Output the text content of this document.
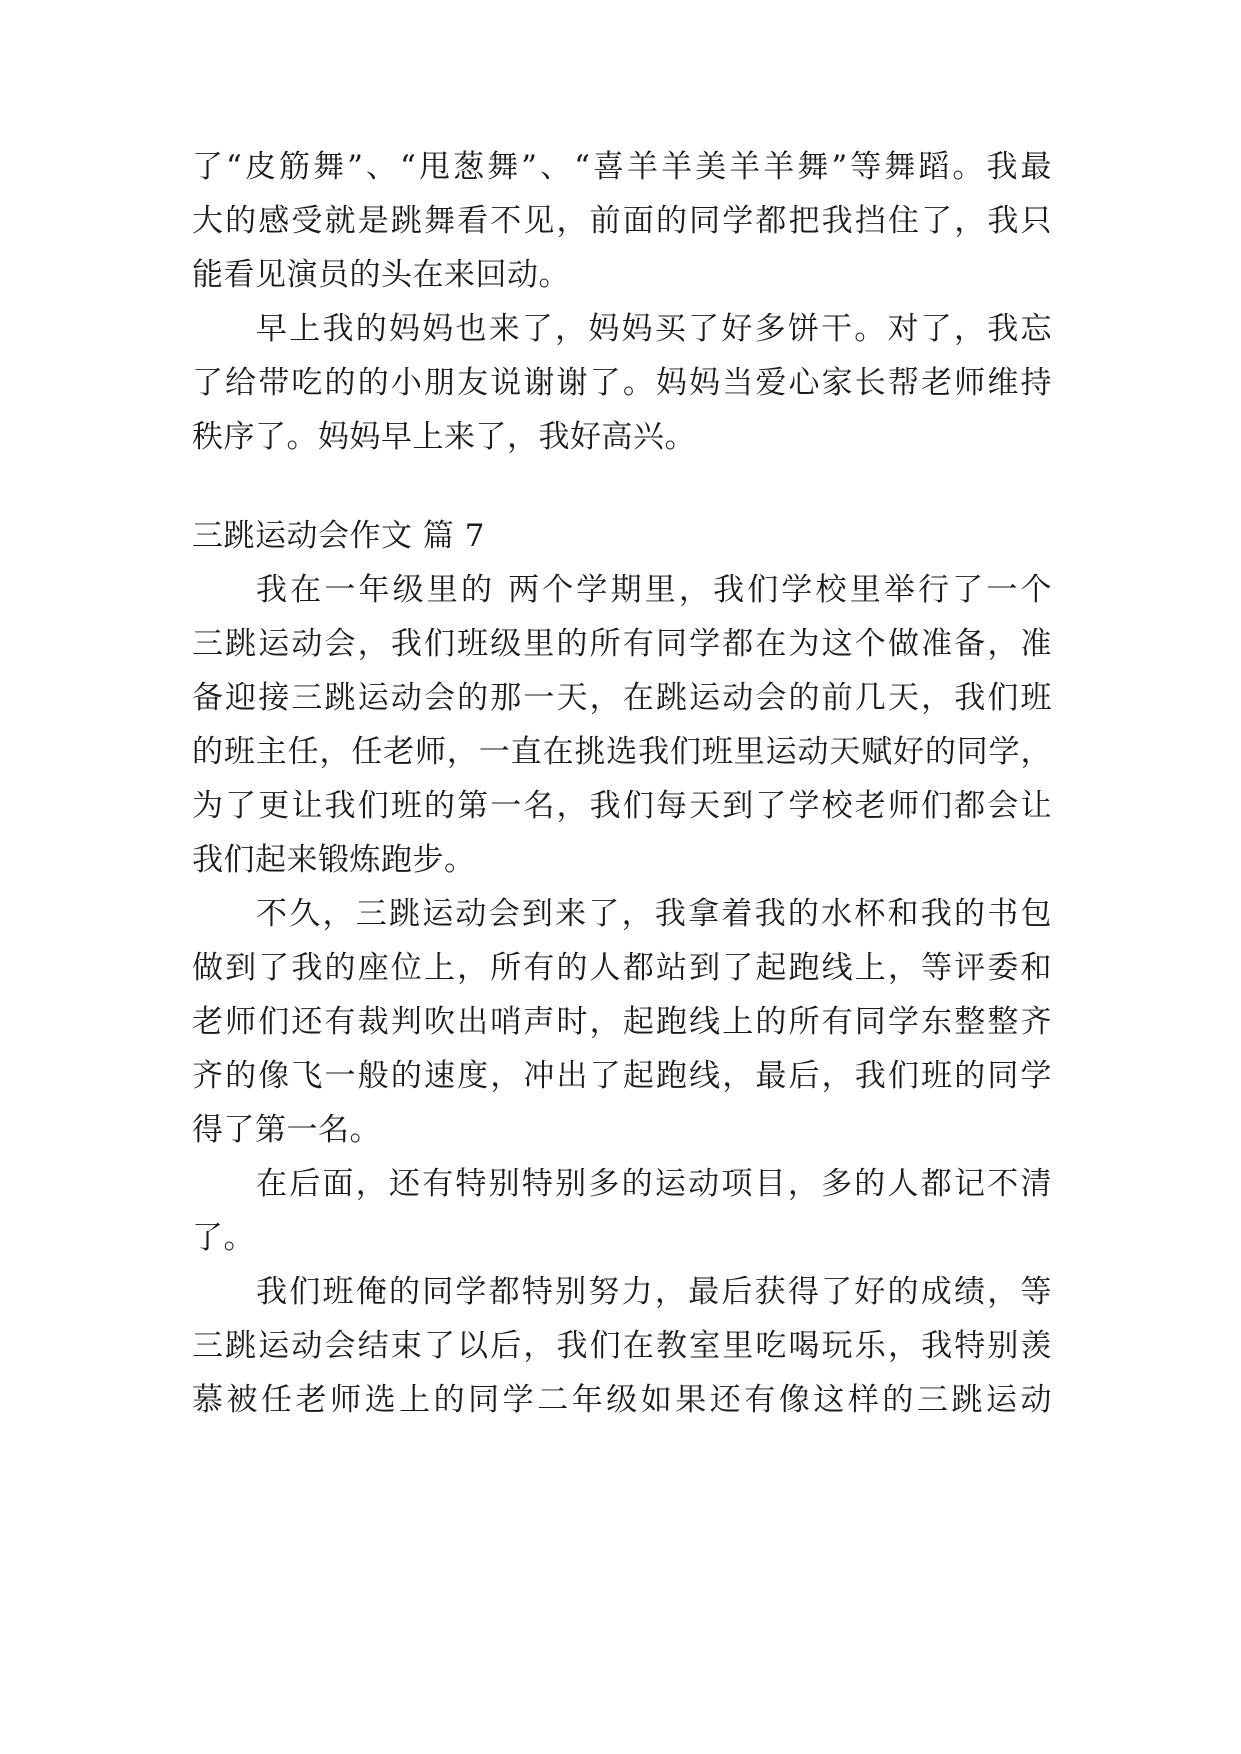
了“皮筋舞”、“甩葱舞”、“喜羊羊美羊羊舞”等舞蹈。我最
大的感受就是跳舞看不见，前面的同学都把我挡住了，我只
能看见演员的头在来回动。
早上我的妈妈也来了，妈妈买了好多饼干。对了，我忘
了给带吃的的小朋友说谢谢了。妈妈当爱心家长帮老师维持
秩序了。妈妈早上来了，我好高兴。
三跳运动会作文 篇 7
我在一年级里的 两个学期里，我们学校里举行了一个
三跳运动会，我们班级里的所有同学都在为这个做准备，准
备迎接三跳运动会的那一天，在跳运动会的前几天，我们班
的班主任，任老师，一直在挑选我们班里运动天赋好的同学，
为了更让我们班的第一名，我们每天到了学校老师们都会让
我们起来锻炼跑步。
不久，三跳运动会到来了，我拿着我的水杯和我的书包
做到了我的座位上，所有的人都站到了起跑线上，等评委和
老师们还有裁判吹出哨声时，起跑线上的所有同学东整整齐
齐的像飞一般的速度，冲出了起跑线，最后，我们班的同学
得了第一名。
在后面，还有特别特别多的运动项目，多的人都记不清
了。
我们班俺的同学都特别努力，最后获得了好的成绩，等
三跳运动会结束了以后，我们在教室里吃喝玩乐，我特别羡
慕被任老师选上的同学二年级如果还有像这样的三跳运动
